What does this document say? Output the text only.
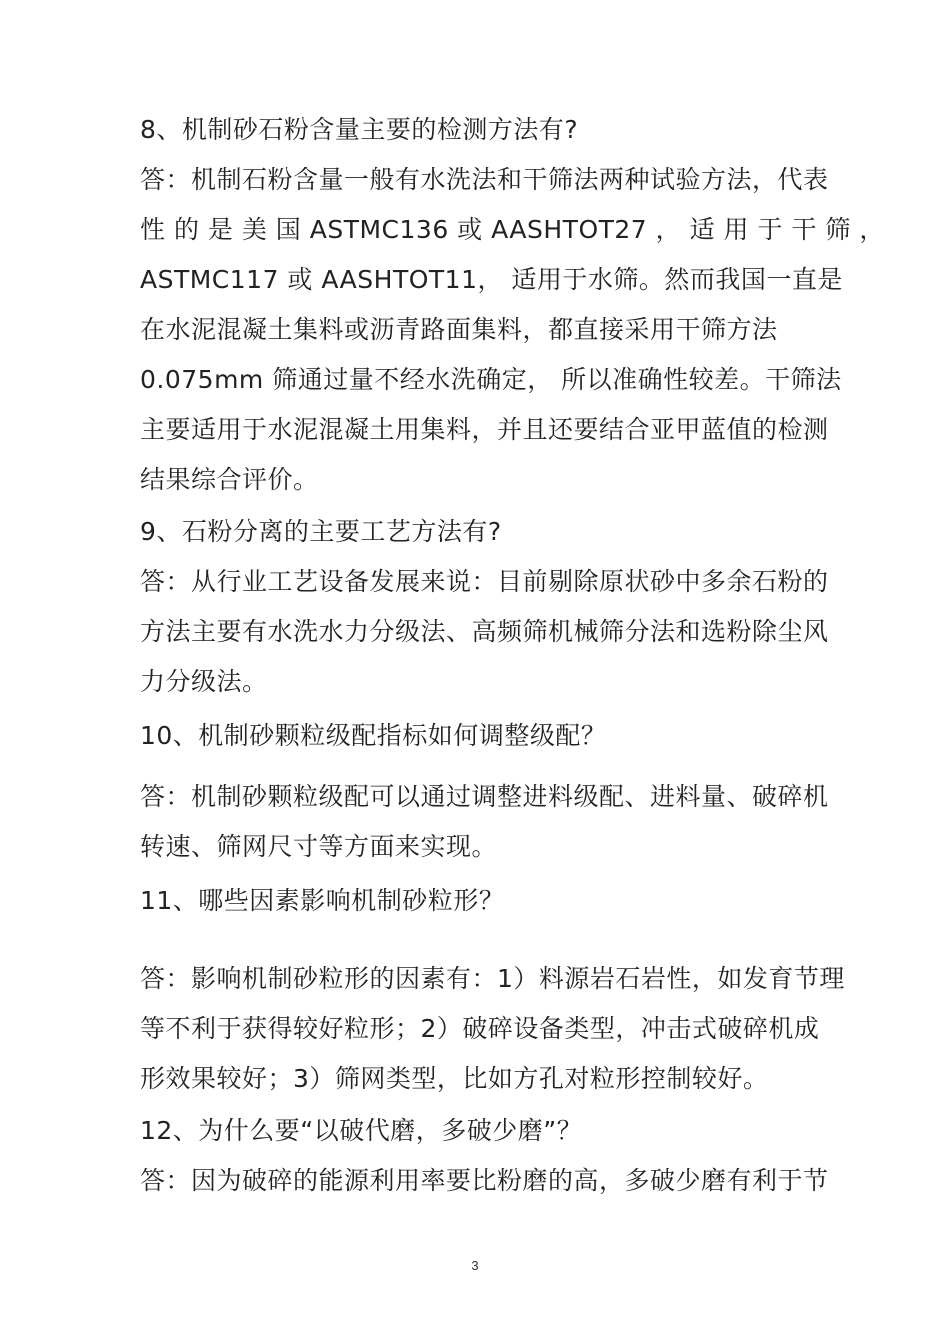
8、机制砂石粉含量主要的检测方法有?
答：机制石粉含量一般有水洗法和干筛法两种试验方法，代表
性 的 是 美 国 ASTMC136 或 AASHTOT27 ， 适 用 于 干 筛 ，
ASTMC117 或 AASHTOT11， 适用于水筛。然而我国一直是
在水泥混凝土集料或沥青路面集料，都直接采用干筛方法
0.075mm 筛通过量不经水洗确定， 所以准确性较差。干筛法
主要适用于水泥混凝土用集料，并且还要结合亚甲蓝值的检测
结果综合评价。
9、石粉分离的主要工艺方法有?
答：从行业工艺设备发展来说：目前剔除原状砂中多余石粉的
方法主要有水洗水力分级法、高频筛机械筛分法和选粉除尘风
力分级法。
10、机制砂颗粒级配指标如何调整级配？
答：机制砂颗粒级配可以通过调整进料级配、进料量、破碎机
转速、筛网尺寸等方面来实现。
11、哪些因素影响机制砂粒形？
答：影响机制砂粒形的因素有：1）料源岩石岩性，如发育节理
等不利于获得较好粒形；2）破碎设备类型，冲击式破碎机成
形效果较好；3）筛网类型，比如方孔对粒形控制较好。
12、为什么要“以破代磨，多破少磨”？
答：因为破碎的能源利用率要比粉磨的高，多破少磨有利于节
3
